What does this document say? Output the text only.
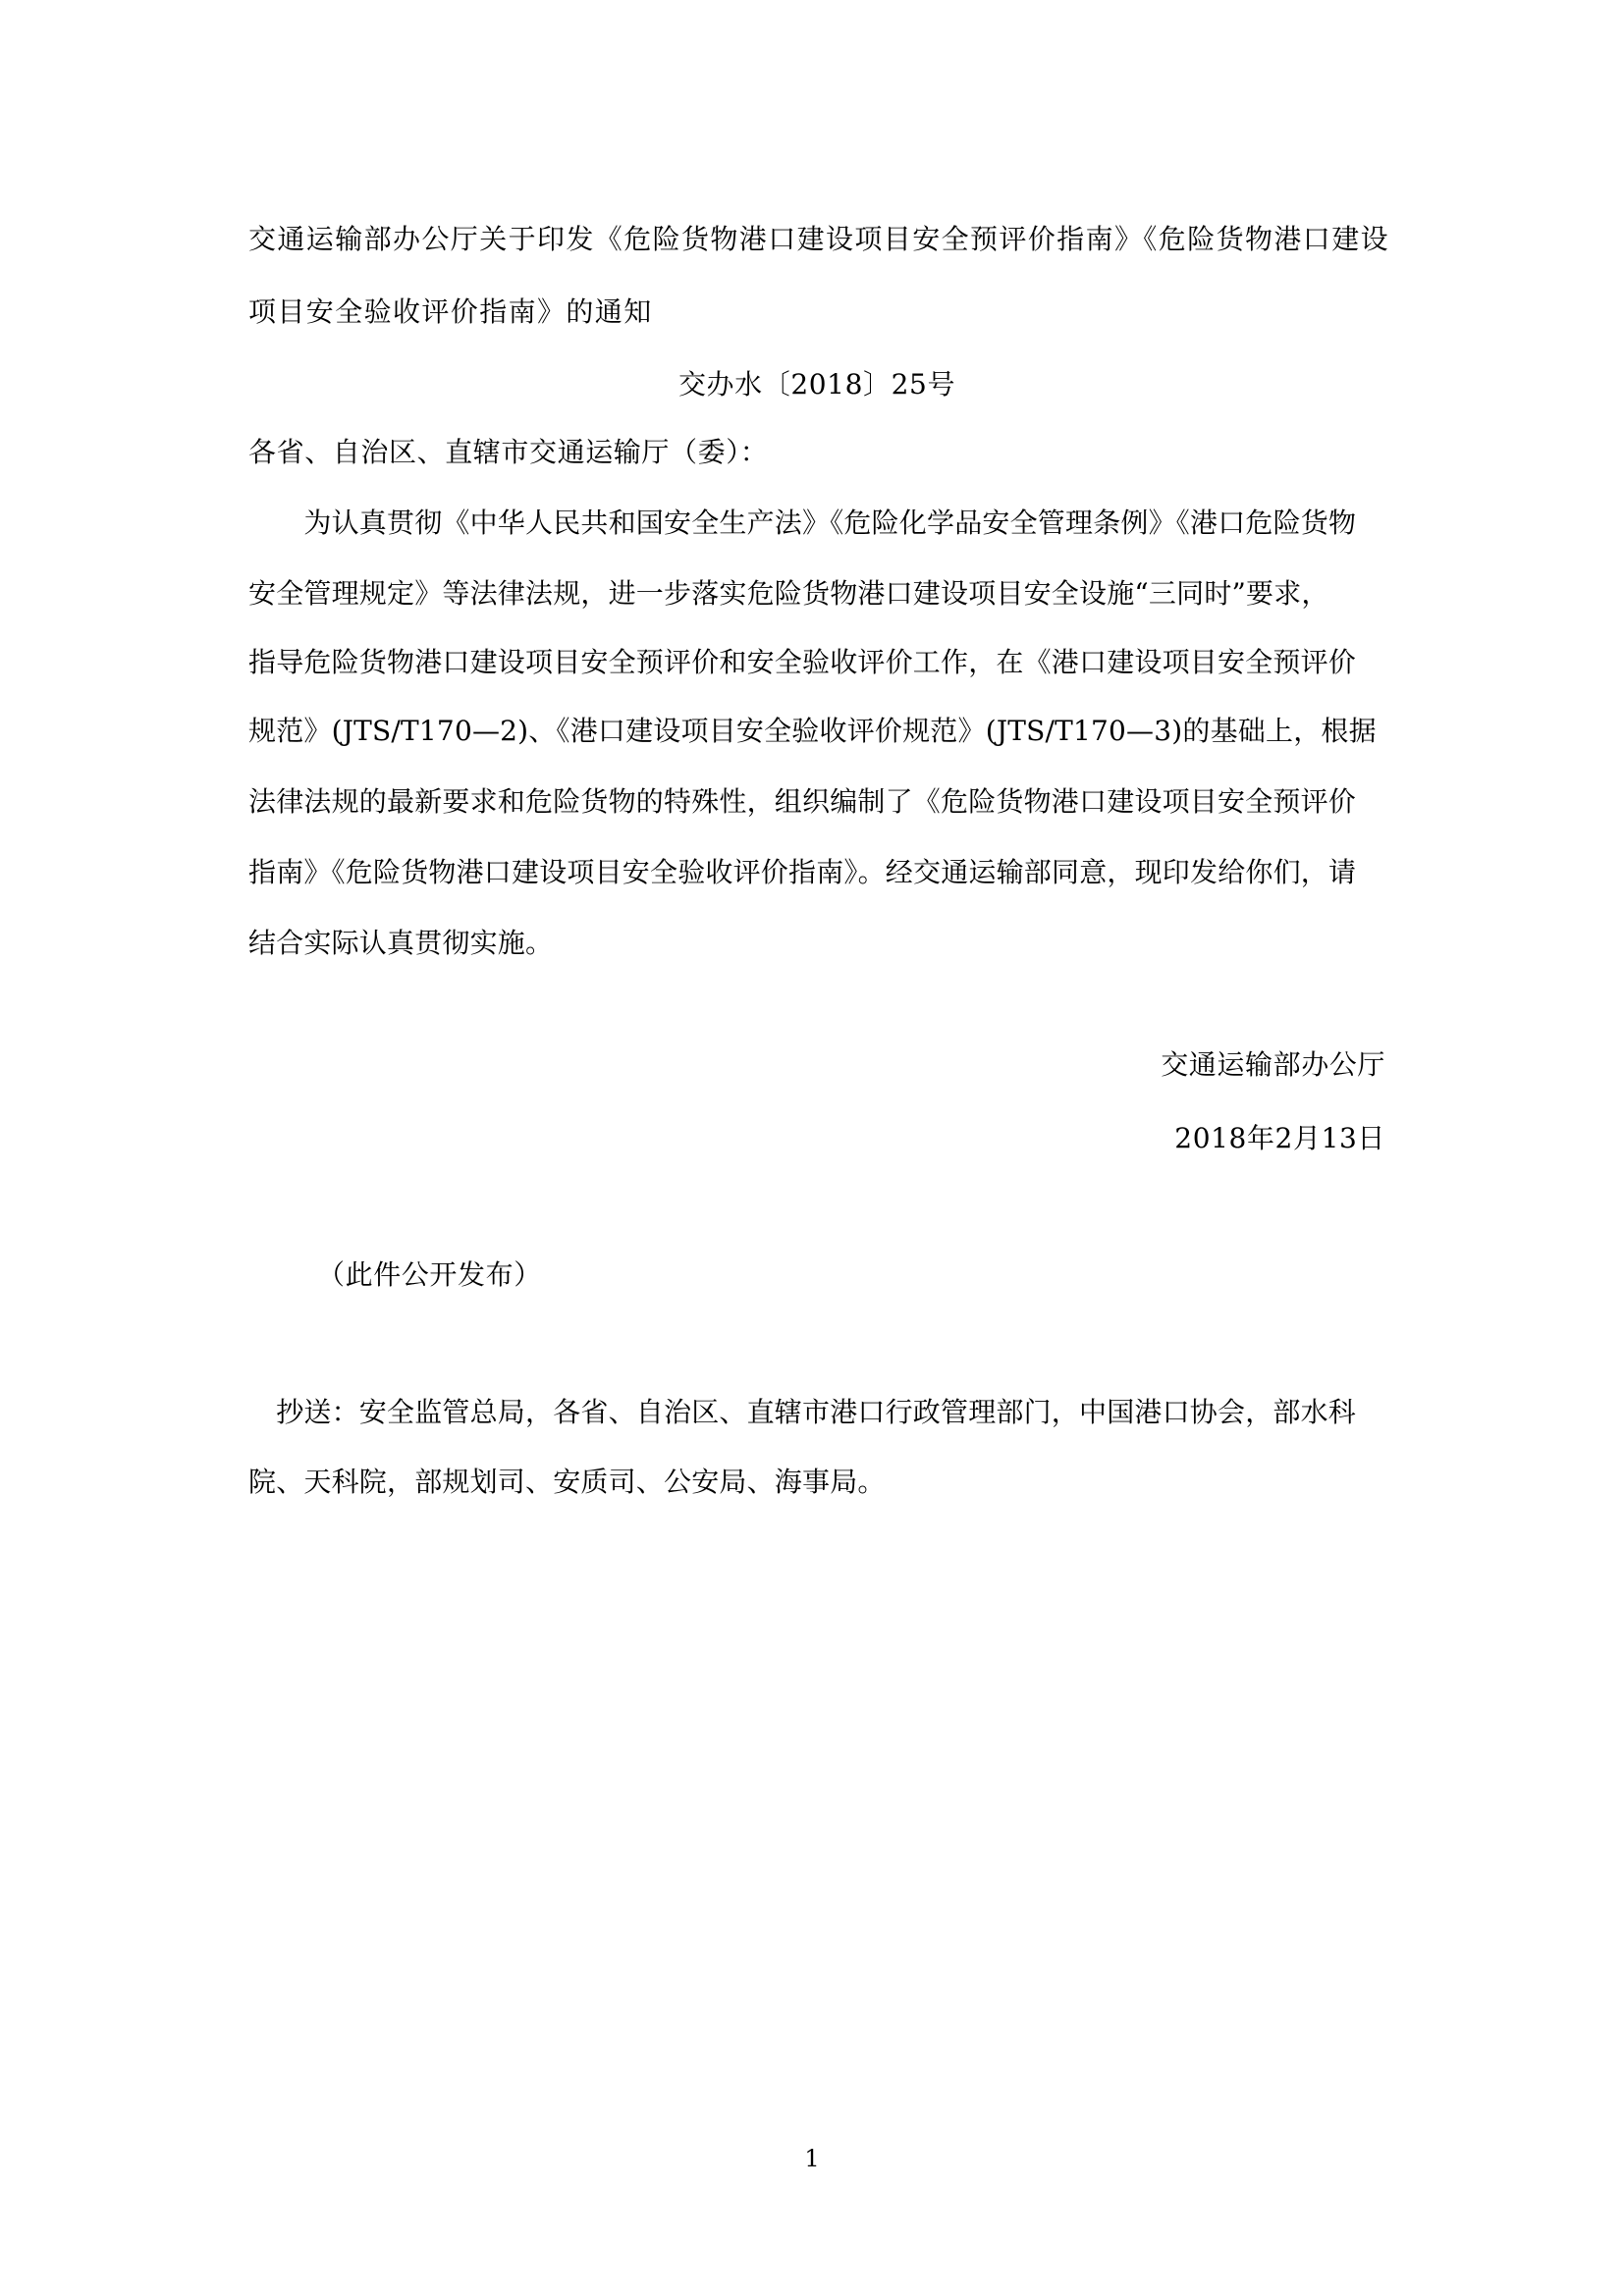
交通运输部办公厅关于印发《危险货物港口建设项目安全预评价指南》《危险货物港口建设
项目安全验收评价指南》的通知
交办水〔2018〕25号
各省、自治区、直辖市交通运输厅（委）：
　　为认真贯彻《中华人民共和国安全生产法》《危险化学品安全管理条例》《港口危险货物
安全管理规定》等法律法规，进一步落实危险货物港口建设项目安全设施“三同时”要求，
指导危险货物港口建设项目安全预评价和安全验收评价工作，在《港口建设项目安全预评价
规范》(JTS/T170—2)、《港口建设项目安全验收评价规范》(JTS/T170—3)的基础上，根据
法律法规的最新要求和危险货物的特殊性，组织编制了《危险货物港口建设项目安全预评价
指南》《危险货物港口建设项目安全验收评价指南》。经交通运输部同意，现印发给你们，请
结合实际认真贯彻实施。
交通运输部办公厅
2018年2月13日
（此件公开发布）
　抄送：安全监管总局，各省、自治区、直辖市港口行政管理部门，中国港口协会，部水科
院、天科院，部规划司、安质司、公安局、海事局。
1
